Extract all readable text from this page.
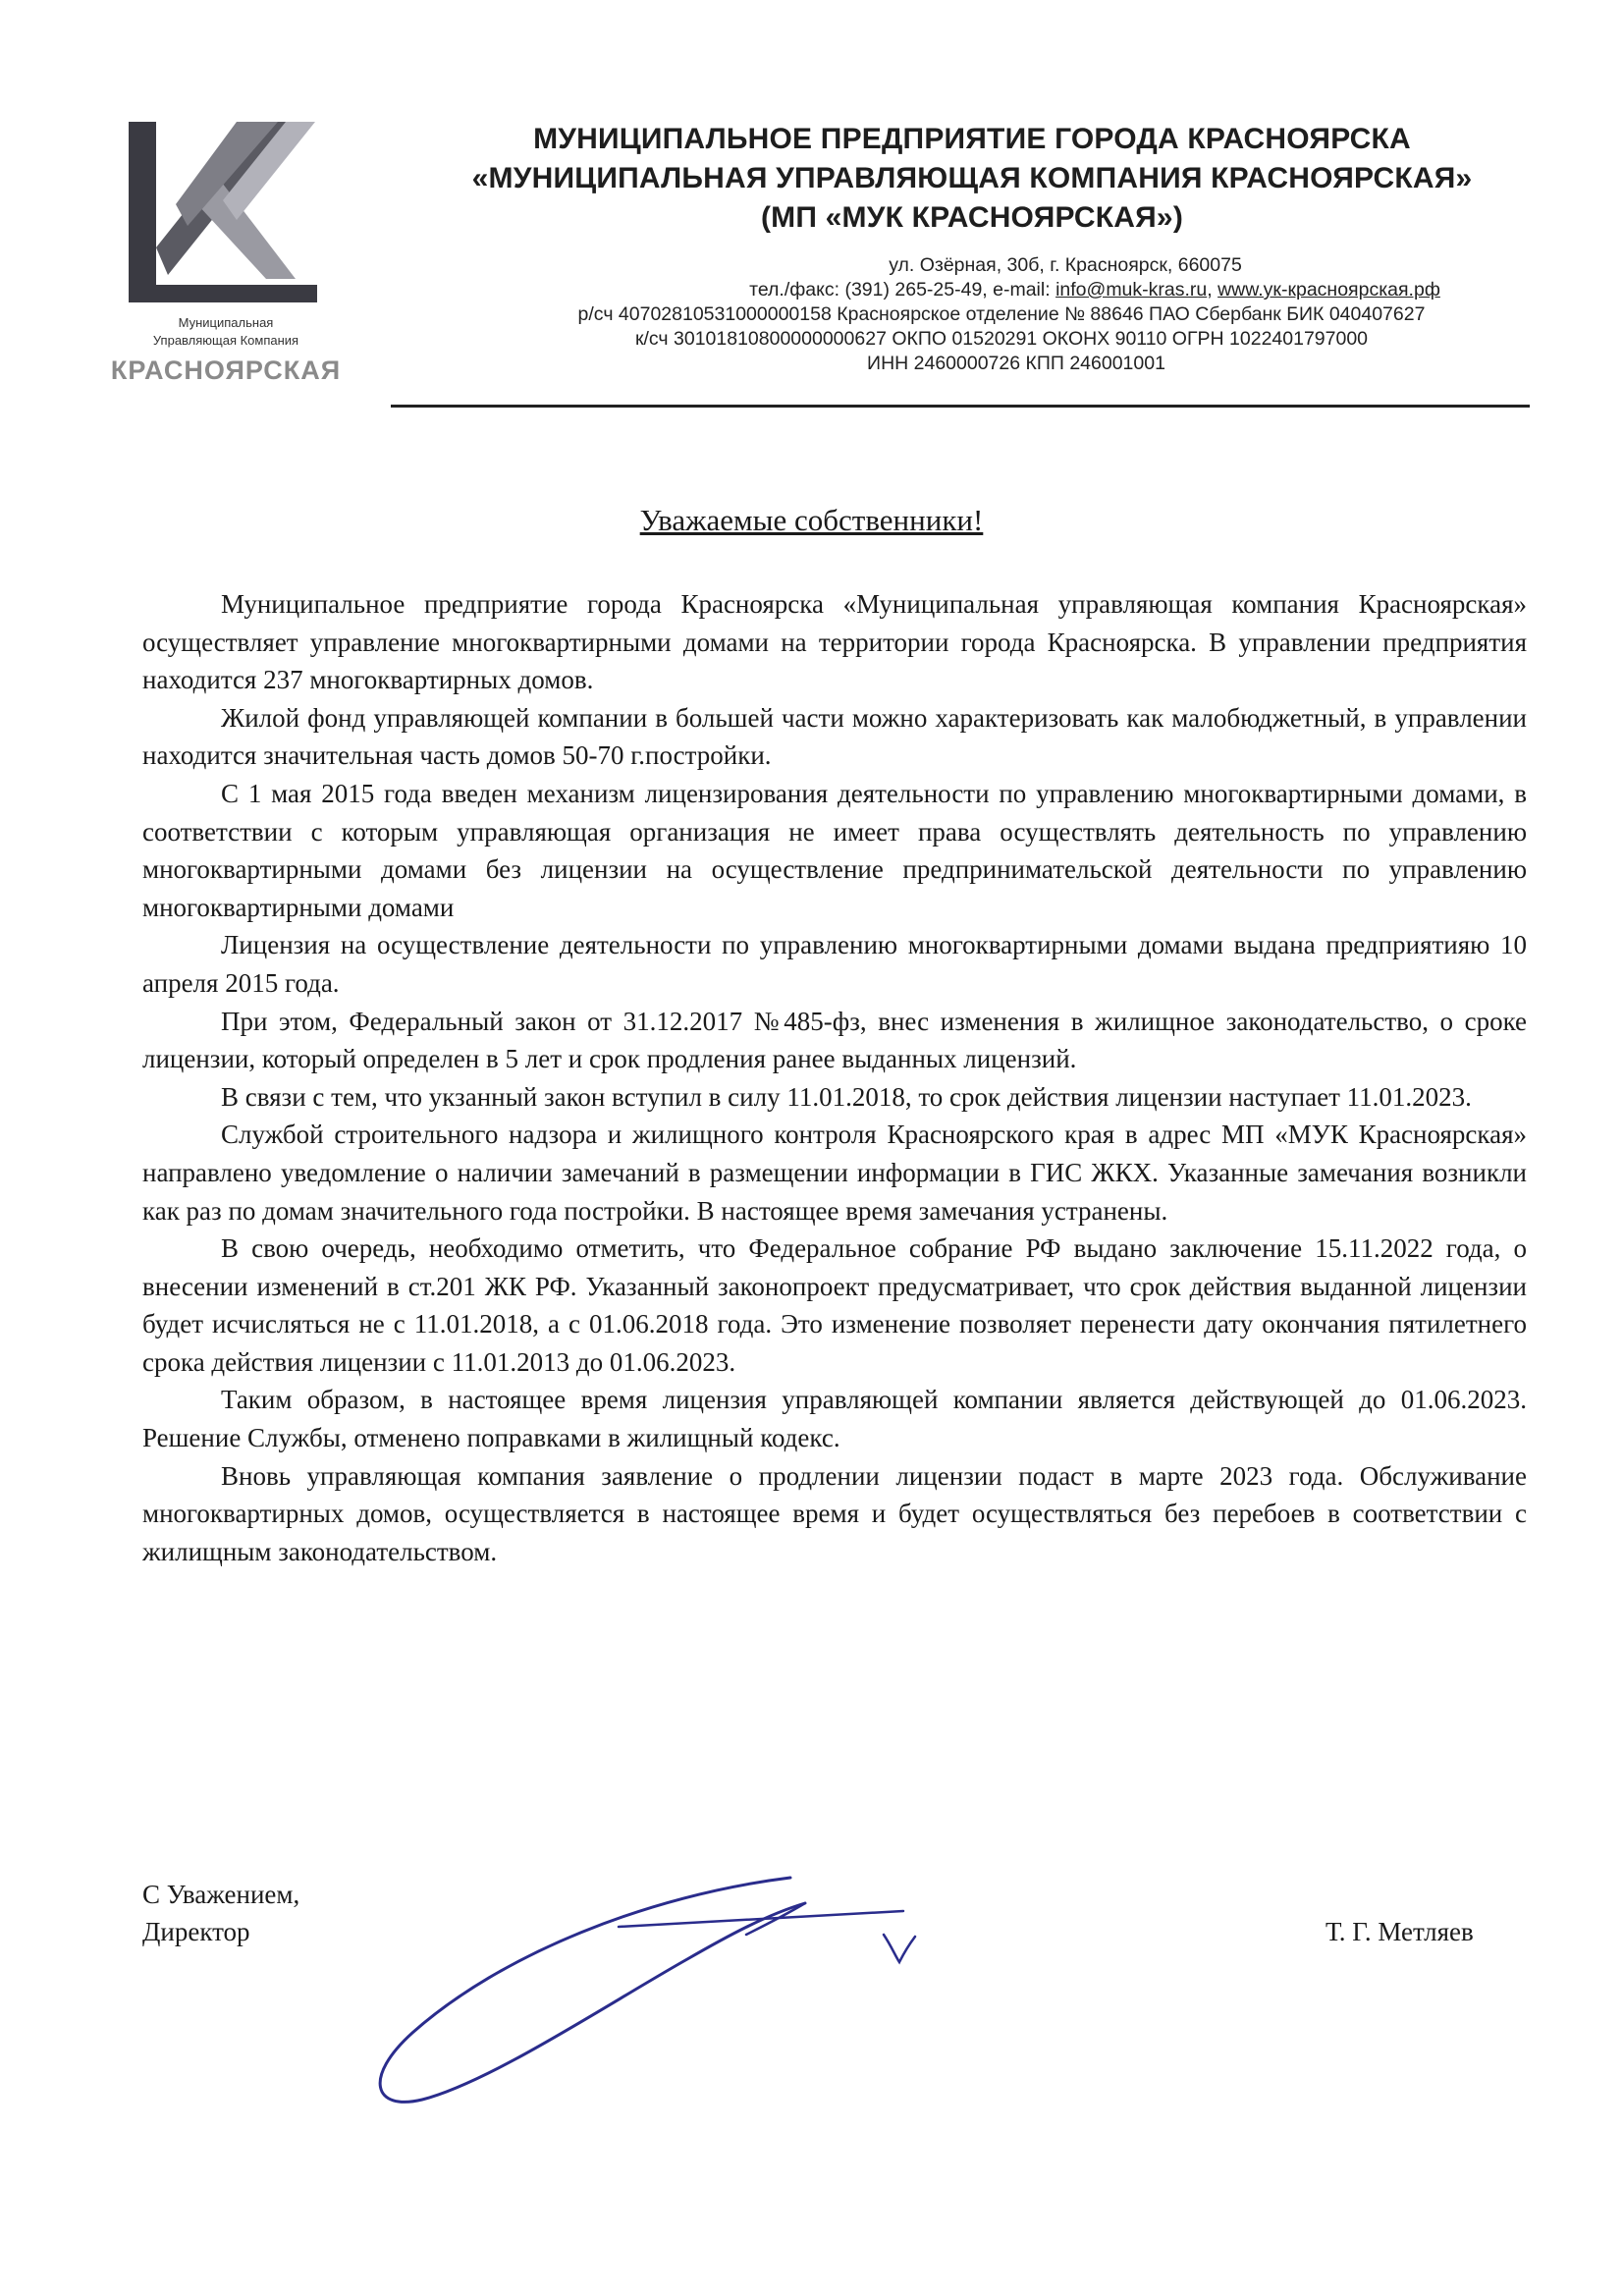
Муниципальная
Управляющая Компания
КРАСНОЯРСКАЯ
МУНИЦИПАЛЬНОЕ ПРЕДПРИЯТИЕ ГОРОДА КРАСНОЯРСКА
«МУНИЦИПАЛЬНАЯ УПРАВЛЯЮЩАЯ КОМПАНИЯ КРАСНОЯРСКАЯ»
(МП «МУК КРАСНОЯРСКАЯ»)
ул. Озёрная, 30б, г. Красноярск, 660075
тел./факс: (391) 265-25-49, e-mail: info@muk-kras.ru, www.ук-красноярская.рф
р/сч 40702810531000000158 Красноярское отделение № 88646 ПАО Сбербанк БИК 040407627
к/сч 30101810800000000627 ОКПО 01520291 ОКОНХ 90110 ОГРН 1022401797000
ИНН 2460000726 КПП 246001001
Уважаемые собственники!

Муниципальное предприятие города Красноярска «Муниципальная управляющая компания Красноярская» осуществляет управление многоквартирными домами на территории города Красноярска. В управлении предприятия находится 237 многоквартирных домов.

Жилой фонд управляющей компании в большей части можно характеризовать как малобюджетный, в управлении находится значительная часть домов 50-70 г.постройки.

С 1 мая 2015 года введен механизм лицензирования деятельности по управлению многоквартирными домами, в соответствии с которым управляющая организация не имеет права осуществлять деятельность по управлению многоквартирными домами без лицензии на осуществление предпринимательской деятельности по управлению многоквартирными домами

Лицензия на осуществление деятельности по управлению многоквартирными домами выдана предприятияю 10 апреля 2015 года.

При этом, Федеральный закон от 31.12.2017 №485-фз, внес изменения в жилищное законодательство, о сроке лицензии, который определен в 5 лет и срок продления ранее выданных лицензий.

В связи с тем, что укзанный закон вступил в силу 11.01.2018, то срок действия лицензии наступает 11.01.2023.

Службой строительного надзора и жилищного контроля Красноярского края в адрес МП «МУК Красноярская» направлено уведомление о наличии замечаний в размещении информации в ГИС ЖКХ. Указанные замечания возникли как раз по домам значительного года постройки. В настоящее время замечания устранены.

В свою очередь, необходимо отметить, что Федеральное собрание РФ выдано заключение 15.11.2022 года, о внесении изменений в ст.201 ЖК РФ. Указанный законопроект предусматривает, что срок действия выданной лицензии будет исчисляться не с 11.01.2018, а с 01.06.2018 года. Это изменение позволяет перенести дату окончания пятилетнего срока действия лицензии с 11.01.2013 до 01.06.2023.

Таким образом, в настоящее время лицензия управляющей компании является действующей до 01.06.2023. Решение Службы, отменено поправками в жилищный кодекс.

Вновь управляющая компания заявление о продлении лицензии подаст в марте 2023 года. Обслуживание многоквартирных домов, осуществляется в настоящее время и будет осуществляться без перебоев в соответствии с жилищным законодательством.

С Уважением,
Директор	Т. Г. Метляев
